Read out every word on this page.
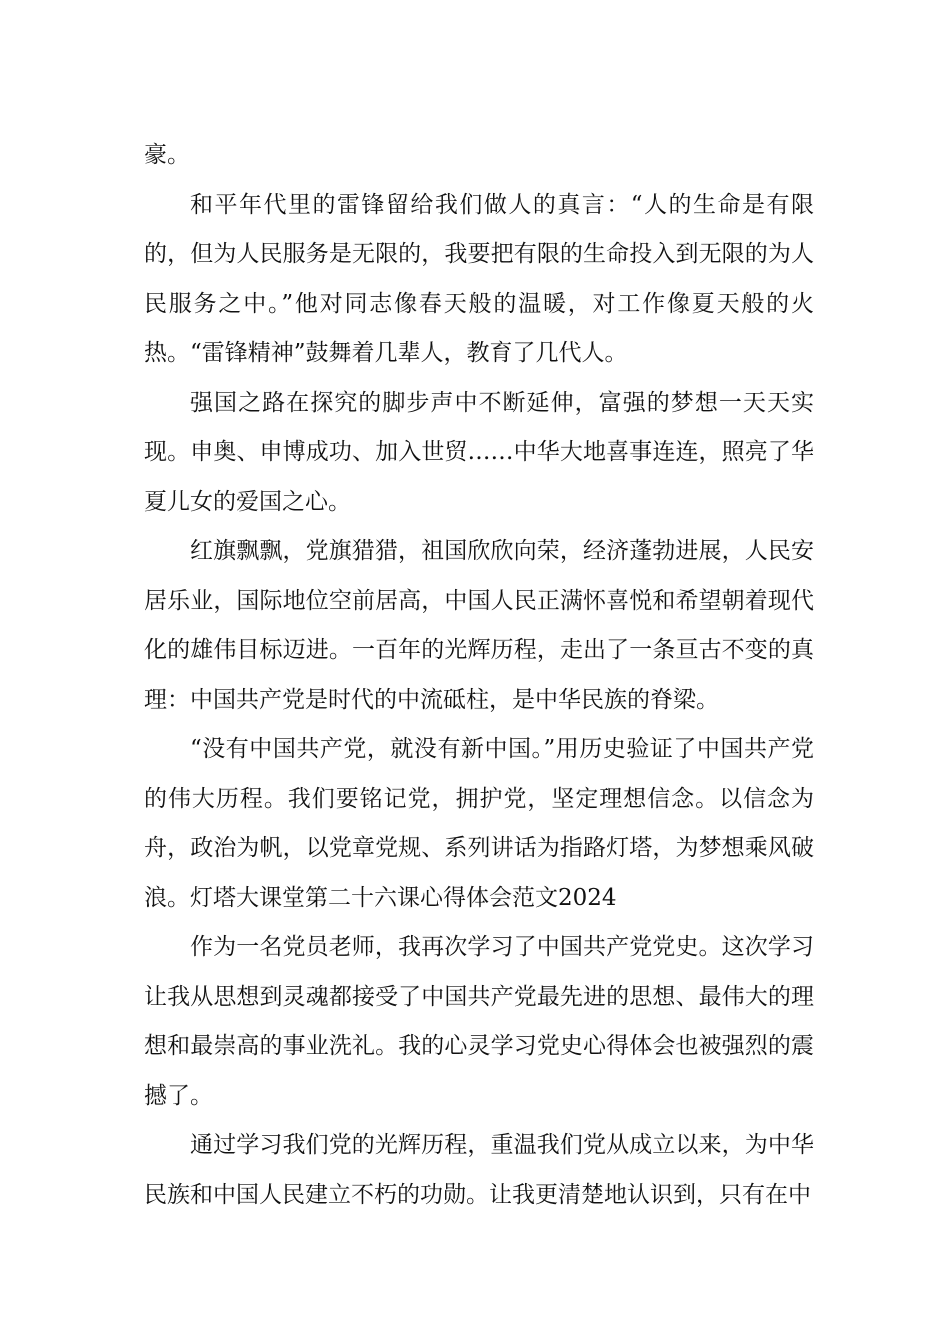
豪。

和平年代里的雷锋留给我们做人的真言：“人的生命是有限的，但为人民服务是无限的，我要把有限的生命投入到无限的为人民服务之中。”他对同志像春天般的温暖，对工作像夏天般的火热。“雷锋精神”鼓舞着几辈人，教育了几代人。

强国之路在探究的脚步声中不断延伸，富强的梦想一天天实现。申奥、申博成功、加入世贸……中华大地喜事连连，照亮了华夏儿女的爱国之心。

红旗飘飘，党旗猎猎，祖国欣欣向荣，经济蓬勃进展，人民安居乐业，国际地位空前居高，中国人民正满怀喜悦和希望朝着现代化的雄伟目标迈进。一百年的光辉历程，走出了一条亘古不变的真理：中国共产党是时代的中流砥柱，是中华民族的脊梁。

“没有中国共产党，就没有新中国。”用历史验证了中国共产党的伟大历程。我们要铭记党，拥护党，坚定理想信念。以信念为舟，政治为帆，以党章党规、系列讲话为指路灯塔，为梦想乘风破浪。灯塔大课堂第二十六课心得体会范文2024

作为一名党员老师，我再次学习了中国共产党党史。这次学习让我从思想到灵魂都接受了中国共产党最先进的思想、最伟大的理想和最崇高的事业洗礼。我的心灵学习党史心得体会也被强烈的震撼了。

通过学习我们党的光辉历程，重温我们党从成立以来，为中华民族和中国人民建立不朽的功勋。让我更清楚地认识到，只有在中
